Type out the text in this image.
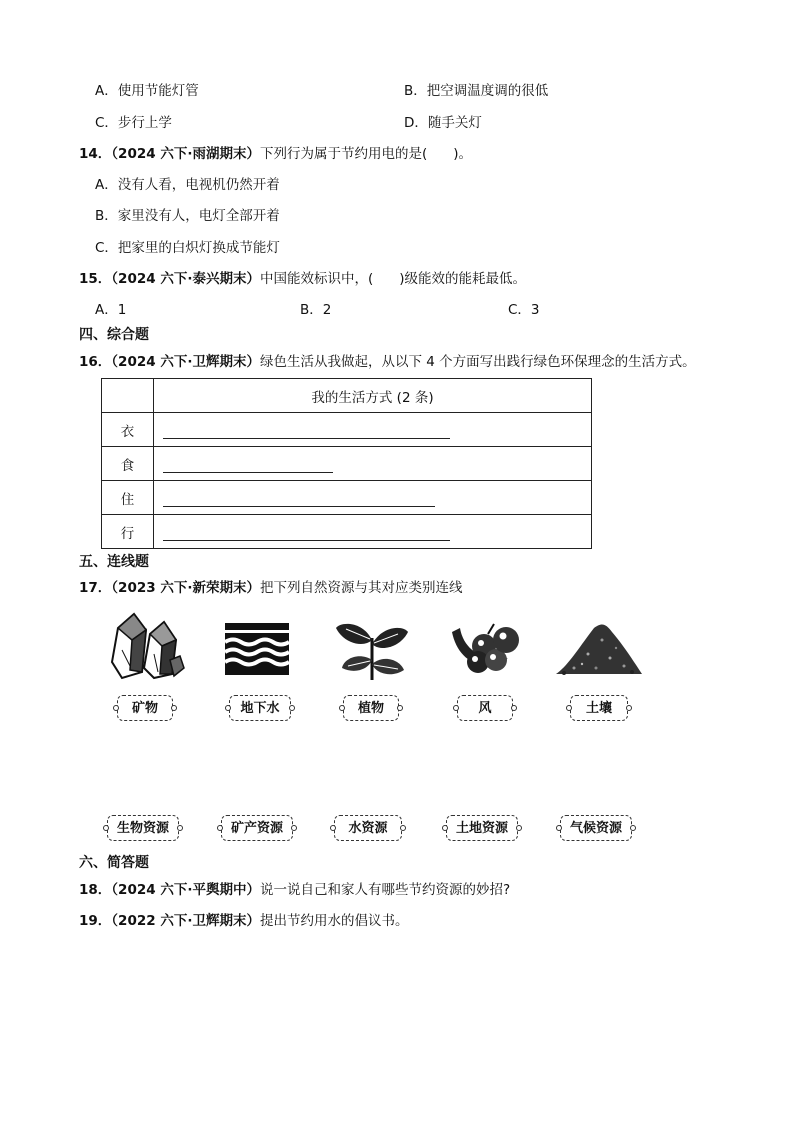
A．使用节能灯管	B．把空调温度调的很低
C．步行上学	D．随手关灯
14．（2024 六下·雨湖期末）下列行为属于节约用电的是( )。
A．没有人看，电视机仍然开着
B．家里没有人，电灯全部开着
C．把家里的白炽灯换成节能灯
15．（2024 六下·泰兴期末）中国能效标识中，( )级能效的能耗最低。
A．1	B．2	C．3
四、综合题
16．（2024 六下·卫辉期末）绿色生活从我做起，从以下 4 个方面写出践行绿色环保理念的生活方式。
	我的生活方式 (2 条)
衣	
食	
住	
行	
五、连线题
17．（2023 六下·新荣期末）把下列自然资源与其对应类别连线
矿物	地下水	植物	风	土壤
生物资源	矿产资源	水资源	土地资源	气候资源
六、简答题
18．（2024 六下·平舆期中）说一说自己和家人有哪些节约资源的妙招?
19．（2022 六下·卫辉期末）提出节约用水的倡议书。
